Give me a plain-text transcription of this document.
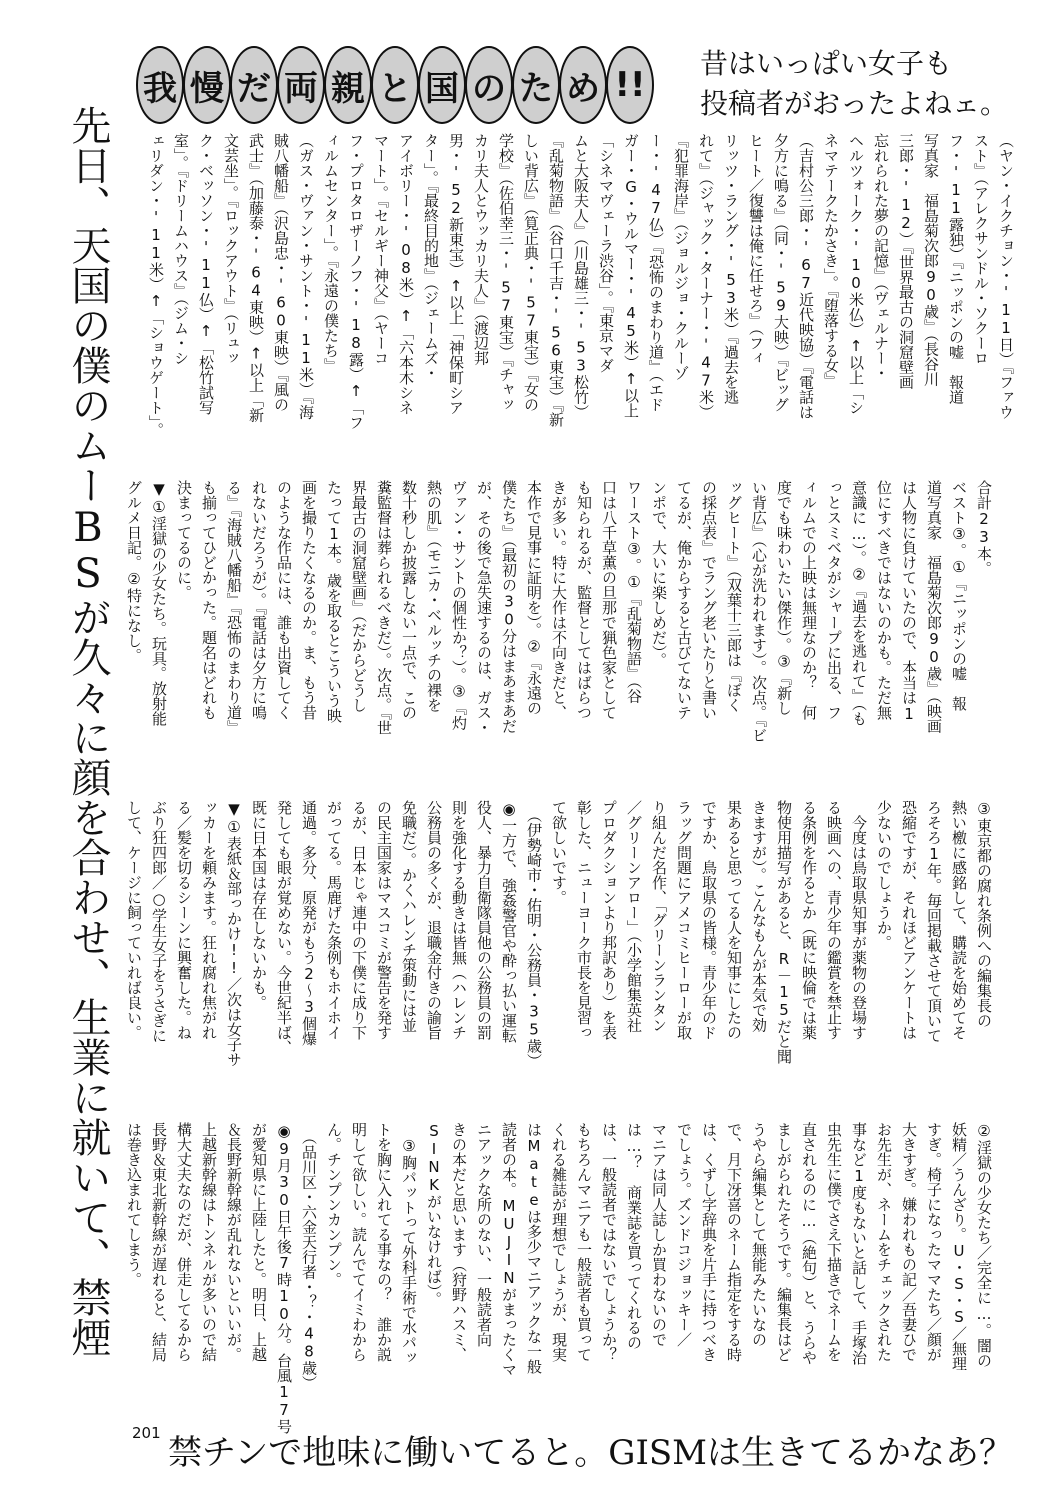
我 慢 だ 両 親 と 国 の た め !!
昔はいっぱい女子も
投稿者がおったよねェ。
先日、天国の僕のムーBSが久々に顔を合わせ、生業に就いて、禁煙	（ヤン・イクチョン・'11日）『ファウ
スト』（アレクサンドル・ソクーロ
フ・'11露独）『ニッポンの嘘　報道
写真家　福島菊次郎90歳』（長谷川
三郎・'12）『世界最古の洞窟壁画
忘れられた夢の記憶』（ヴェルナー・
ヘルツォーク・'10米仏）↑以上「シ
ネマテークたかさき」。『堕落する女』
（吉村公三郎・'67近代映協）『電話は
夕方に鳴る』（同・'59大映）『ビッグ
ヒート／復讐は俺に任せろ』（フィ
リッツ・ラング・'53米）『過去を逃
れて』（ジャック・ターナー・'47米）
『犯罪海岸』（ジョルジョ・クルーゾ
ー・'47仏）『恐怖のまわり道』（エド
ガー・G・ウルマー・'45米）↑以上
「シネマヴェーラ渋谷」。『東京マダ
ムと大阪夫人』（川島雄三・'53松竹）
『乱菊物語』（谷口千吉・'56東宝）『新
しい背広』（筧正典・'57東宝）『女の
学校』（佐伯幸三・'57東宝）『チャッ
カリ夫人とウッカリ夫人』（渡辺邦
男・'52新東宝）↑以上「神保町シア
ター」。『最終目的地』（ジェームズ・
アイボリー・'08米）↑「六本木シネ
マート」。『セルギー神父』（ヤーコ
フ・プロタロザーノフ・'18露）↑「フ
ィルムセンター」。『永遠の僕たち』
（ガス・ヴァン・サント・'11米）『海
賊八幡船』（沢島忠・'60東映）『風の
武士』（加藤泰・'64東映）↑以上「新
文芸坐」。『ロックアウト』（リュッ
ク・ベッソン・'11仏）↑「松竹試写
室」。『ドリームハウス』（ジム・シ
ェリダン・'11米）↑「ショウゲート」。
合計23本。
ベスト③。①『ニッポンの嘘　報
道写真家　福島菊次郎90歳』（映画
は人物に負けていたので、本当は1
位にすべきではないのかも。ただ無
意識に…）。②『過去を逃れて』（も
っとスミベタがシャープに出る、フ
ィルムでの上映は無理なのか？　何
度でも味わいたい傑作）。③『新し
い背広』（心が洗われます）。次点。『ビ
ッグヒート』（双葉十三郎は『ぼく
の採点表』でラング老いたりと書い
てるが、俺からすると古びてないテ
ンポで、大いに楽しめだ）。
ワースト③。①『乱菊物語』（谷
口は八千草薫の旦那で猟色家として
も知られるが、監督としてはばらつ
きが多い。特に大作は不向きだと、
本作で見事に証明を）。②『永遠の
僕たち』（最初の30分はまあまあだ
が、その後で急失速するのは、ガス・
ヴァン・サントの個性か？）。③『灼
熱の肌』（モニカ・ベルッチの裸を
数十秒しか披露しない一点で、この
糞監督は葬られるべきだ）。次点。『世
界最古の洞窟壁画』（だからどうし
たって1本。歳を取るとこういう映
画を撮りたくなるのか。ま、もう昔
のような作品には、誰も出資してく
れないだろうが）。『電話は夕方に鳴
る』『海賊八幡船』『恐怖のまわり道』
も揃ってひどかった。題名はどれも
決まってるのに。
▼①淫獄の少女たち。玩具。放射能
グルメ日記。②特になし。
③東京都の腐れ条例への編集長の
熱い檄に感銘して、購読を始めてそ
ろそろ1年。毎回掲載させて頂いて
恐縮ですが、それほどアンケートは
少ないのでしょうか。
　今度は鳥取県知事が薬物の登場す
る映画への、青少年の鑑賞を禁止す
る条例を作るとか（既に映倫では薬
物使用描写があると、R－15だと聞
きますが）。こんなもんが本気で効
果あると思ってる人を知事にしたの
ですか、鳥取県の皆様。青少年のド
ラッグ問題にアメコミヒーローが取
り組んだ名作、「グリーンランタン
／グリーンアロー」（小学館集英社
プロダクションより邦訳あり）を表
彰した、ニューヨーク市長を見習っ
て欲しいです。
　（伊勢崎市・佑明・公務員・35歳）
◉一方で、強姦警官や酔っ払い運転
役人、暴力自衛隊員他の公務員の罰
則を強化する動きは皆無（ハレンチ
公務員の多くが、退職金付きの諭旨
免職だ）。かくハレンチ策動には並
の民主国家はマスコミが警告を発す
るが、日本じゃ連中の下僕に成り下
がってる。馬鹿げた条例もホイホイ
通過。多分、原発がもう2～3個爆
発しても眼が覚めない。今世紀半ば、
既に日本国は存在しないかも。
▼①表紙＆部っかけ!!／次は女子サ
ッカーを頼みます。狂れ腐れ焦がれ
る／髪を切るシーンに興奮した。ね
ぶり狂四郎／○学生女子をうさぎに
して、ケージに飼っていれば良い。
②淫獄の少女たち／完全に…。闇の
妖精／うんざり。U・S・S／無理
すぎ。椅子になったママたち／顔が
大きすぎ。嫌われもの記／吾妻ひで
お先生が、ネームをチェックされた
事など1度もないと話して、手塚治
虫先生に僕でさえ下描きでネームを
直されるのに…（絶句）と、うらや
ましがられたそうです。編集長はど
うやら編集として無能みたいなの
で、月下冴喜のネーム指定をする時
は、くずし字辞典を片手に持つべき
でしょう。ズンドコジョッキー／
マニアは同人誌しか買わないので
は…？　商業誌を買ってくれるの
は、一般読者ではないでしょうか？
もちろんマニアも一般読者も買って
くれる雑誌が理想でしょうが、現実
はMateは多少マニアックな一般
読者の本。MUJINがまったくマ
ニアックな所のない、一般読者向
きの本だと思います（狩野ハスミ、
SINKがいなければ）。
　③胸パットって外科手術で水パッ
トを胸に入れてる事なの？　誰か説
明して欲しい。読んでてイミわから
ん。チンプンカンプン。
　（品川区・六金天行者・？・48歳）
◉9月30日午後7時10分。台風17号
が愛知県に上陸したと。明日、上越
＆長野新幹線が乱れないといいが。
上越新幹線はトンネルが多いので結
構大丈夫なのだが、併走してるから
長野＆東北新幹線が遅れると、結局
は巻き込まれてしまう。
201 禁チンで地味に働いてると。GISMは生きてるかなあ？
